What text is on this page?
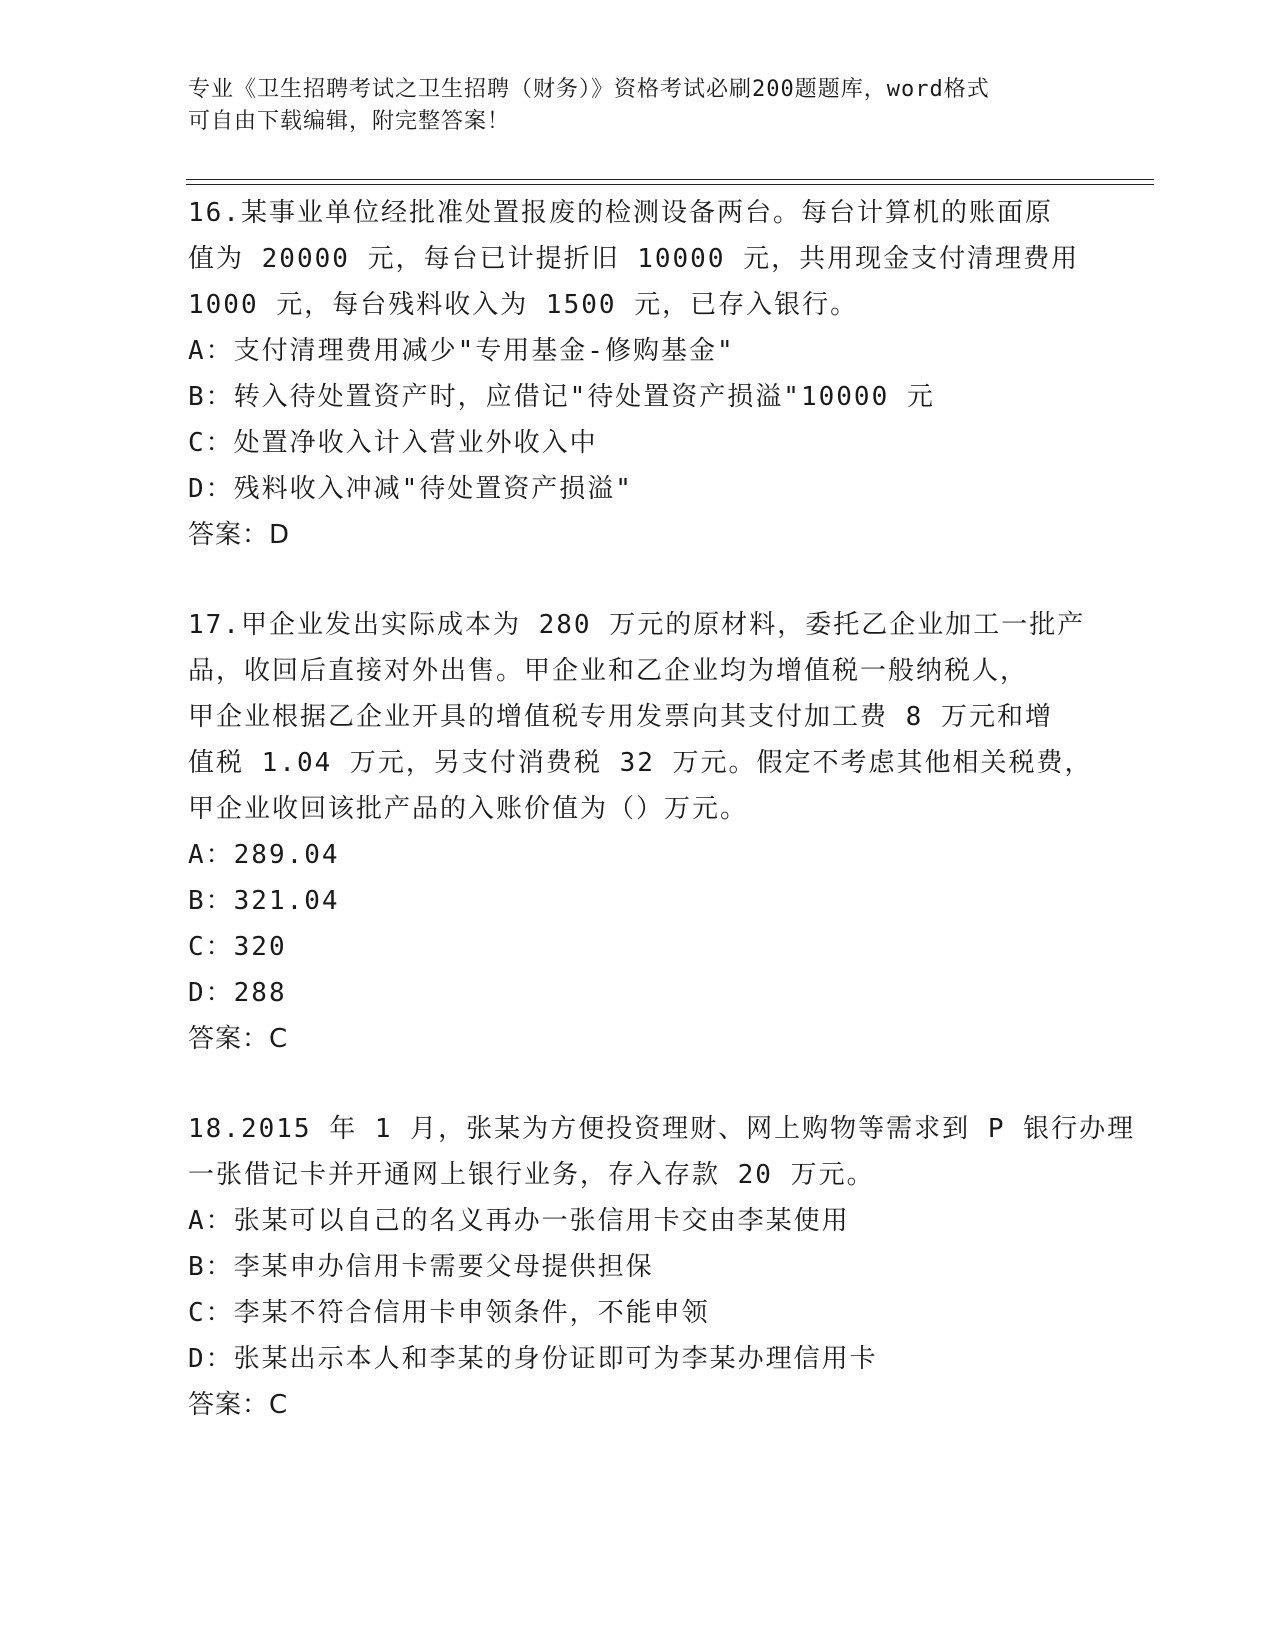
专业《卫生招聘考试之卫生招聘（财务）》资格考试必刷200题题库，word格式
可自由下载编辑，附完整答案！
16.某事业单位经批准处置报废的检测设备两台。每台计算机的账面原
值为 20000 元，每台已计提折旧 10000 元，共用现金支付清理费用
1000 元，每台残料收入为 1500 元，已存入银行。
A：支付清理费用减少"专用基金-修购基金"
B：转入待处置资产时，应借记"待处置资产损溢"10000 元
C：处置净收入计入营业外收入中
D：残料收入冲减"待处置资产损溢"
答案：D
17.甲企业发出实际成本为 280 万元的原材料，委托乙企业加工一批产
品，收回后直接对外出售。甲企业和乙企业均为增值税一般纳税人，
甲企业根据乙企业开具的增值税专用发票向其支付加工费 8 万元和增
值税 1.04 万元，另支付消费税 32 万元。假定不考虑其他相关税费，
甲企业收回该批产品的入账价值为（）万元。
A：289.04
B：321.04
C：320
D：288
答案：C
18.2015 年 1 月，张某为方便投资理财、网上购物等需求到 P 银行办理
一张借记卡并开通网上银行业务，存入存款 20 万元。
A：张某可以自己的名义再办一张信用卡交由李某使用
B：李某申办信用卡需要父母提供担保
C：李某不符合信用卡申领条件，不能申领
D：张某出示本人和李某的身份证即可为李某办理信用卡
答案：C
